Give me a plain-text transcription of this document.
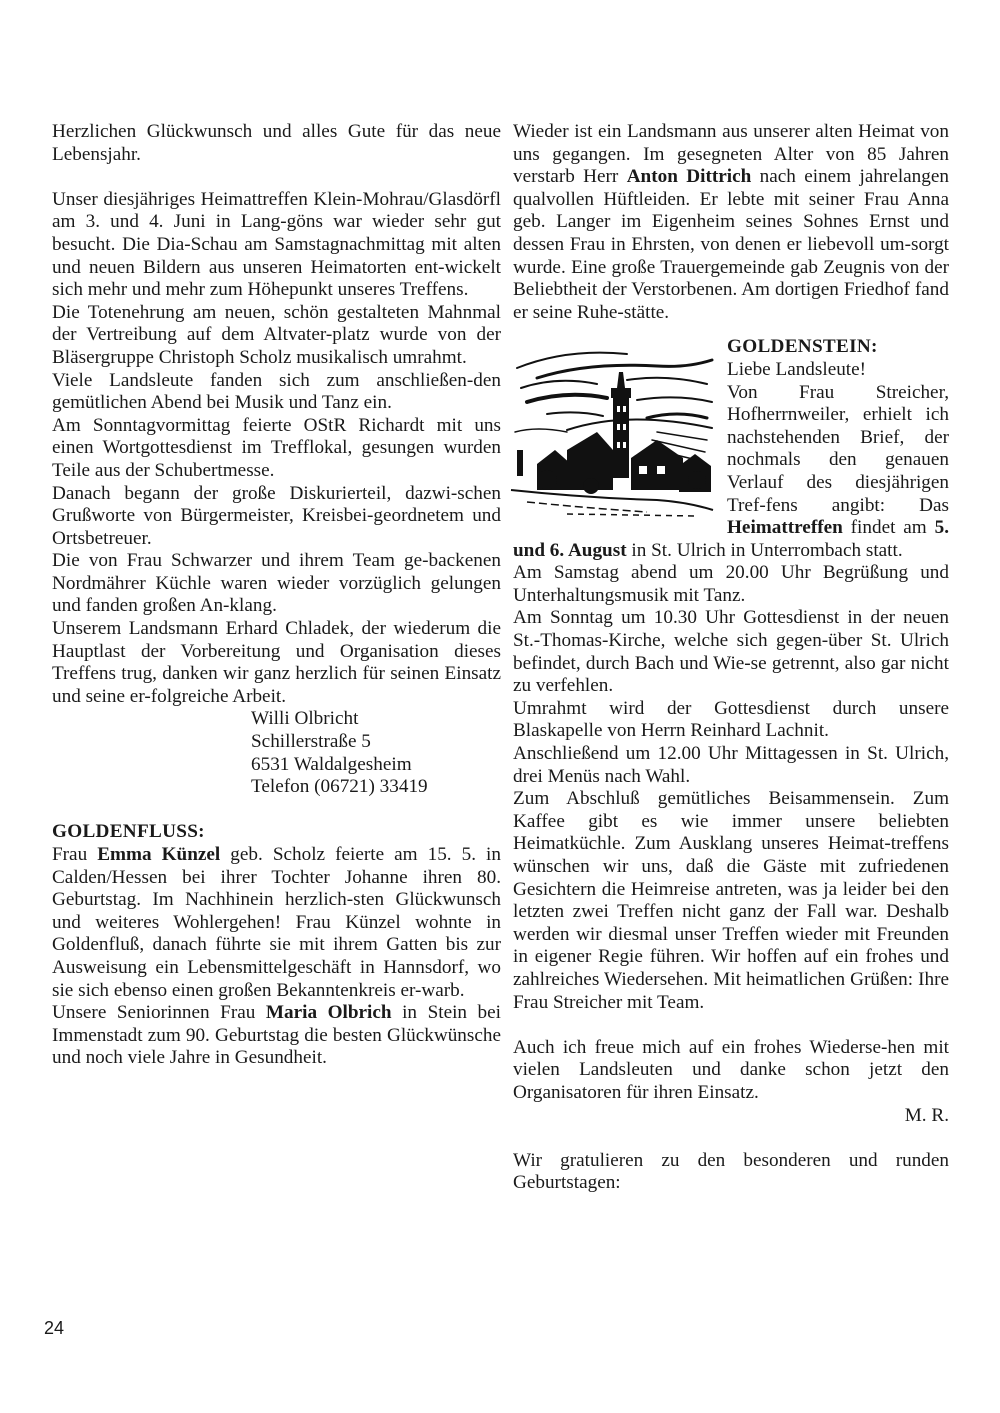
Herzlichen Glückwunsch und alles Gute für das neue Lebensjahr.

Unser diesjähriges Heimattreffen Klein-Mohrau/Glasdörfl am 3. und 4. Juni in Lang-göns war wieder sehr gut besucht. Die Dia-Schau am Samstagnachmittag mit alten und neuen Bildern aus unseren Heimatorten ent-wickelt sich mehr und mehr zum Höhepunkt unseres Treffens.

Die Totenehrung am neuen, schön gestalteten Mahnmal der Vertreibung auf dem Altvater-platz wurde von der Bläsergruppe Christoph Scholz musikalisch umrahmt.

Viele Landsleute fanden sich zum anschließen-den gemütlichen Abend bei Musik und Tanz ein.

Am Sonntagvormittag feierte OStR Richardt mit uns einen Wortgottesdienst im Trefflokal, gesungen wurden Teile aus der Schubertmesse.

Danach begann der große Diskurierteil, dazwi-schen Grußworte von Bürgermeister, Kreisbei-geordnetem und Ortsbetreuer.

Die von Frau Schwarzer und ihrem Team ge-backenen Nordmährer Küchle waren wieder vorzüglich gelungen und fanden großen An-klang.

Unserem Landsmann Erhard Chladek, der wiederum die Hauptlast der Vorbereitung und Organisation dieses Treffens trug, danken wir ganz herzlich für seinen Einsatz und seine er-folgreiche Arbeit.

Willi Olbricht

Schillerstraße 5

6531 Waldalgesheim

Telefon (06721) 33419

GOLDENFLUSS:

Frau Emma Künzel geb. Scholz feierte am 15. 5. in Calden/Hessen bei ihrer Tochter Johanne ihren 80. Geburtstag. Im Nachhinein herzlich-sten Glückwunsch und weiteres Wohlergehen! Frau Künzel wohnte in Goldenfluß, danach führte sie mit ihrem Gatten bis zur Ausweisung ein Lebensmittelgeschäft in Hannsdorf, wo sie sich ebenso einen großen Bekanntenkreis er-warb.

Unsere Seniorinnen Frau Maria Olbrich in Stein bei Immenstadt zum 90. Geburtstag die besten Glückwünsche und noch viele Jahre in Gesundheit.

Wieder ist ein Landsmann aus unserer alten Heimat von uns gegangen. Im gesegneten Alter von 85 Jahren verstarb Herr Anton Dittrich nach einem jahrelangen qualvollen Hüftleiden. Er lebte mit seiner Frau Anna geb. Langer im Eigenheim seines Sohnes Ernst und dessen Frau in Ehrsten, von denen er liebevoll um-sorgt wurde. Eine große Trauergemeinde gab Zeugnis von der Beliebtheit der Verstorbenen. Am dortigen Friedhof fand er seine Ruhe-stätte.

GOLDENSTEIN:

Liebe Landsleute!

Von Frau Streicher, Hofherrnweiler, erhielt ich nachstehenden Brief, der nochmals den genauen Verlauf des diesjährigen Tref-fens angibt: Das Heimattreffen findet am 5. und 6. August in St. Ulrich in Unterrombach statt.

Am Samstag abend um 20.00 Uhr Begrüßung und Unterhaltungsmusik mit Tanz.

Am Sonntag um 10.30 Uhr Gottesdienst in der neuen St.-Thomas-Kirche, welche sich gegen-über St. Ulrich befindet, durch Bach und Wie-se getrennt, also gar nicht zu verfehlen.

Umrahmt wird der Gottesdienst durch unsere Blaskapelle von Herrn Reinhard Lachnit.

Anschließend um 12.00 Uhr Mittagessen in St. Ulrich, drei Menüs nach Wahl.

Zum Abschluß gemütliches Beisammensein. Zum Kaffee gibt es wie immer unsere beliebten Heimatküchle. Zum Ausklang unseres Heimat-treffens wünschen wir uns, daß die Gäste mit zufriedenen Gesichtern die Heimreise antreten, was ja leider bei den letzten zwei Treffen nicht ganz der Fall war. Deshalb werden wir diesmal unser Treffen wieder mit Freunden in eigener Regie führen. Wir hoffen auf ein frohes und zahlreiches Wiedersehen. Mit heimatlichen Grüßen: Ihre Frau Streicher mit Team.

Auch ich freue mich auf ein frohes Wiederse-hen mit vielen Landsleuten und danke schon jetzt den Organisatoren für ihren Einsatz.

M. R.

Wir gratulieren zu den besonderen und runden Geburtstagen:

24
